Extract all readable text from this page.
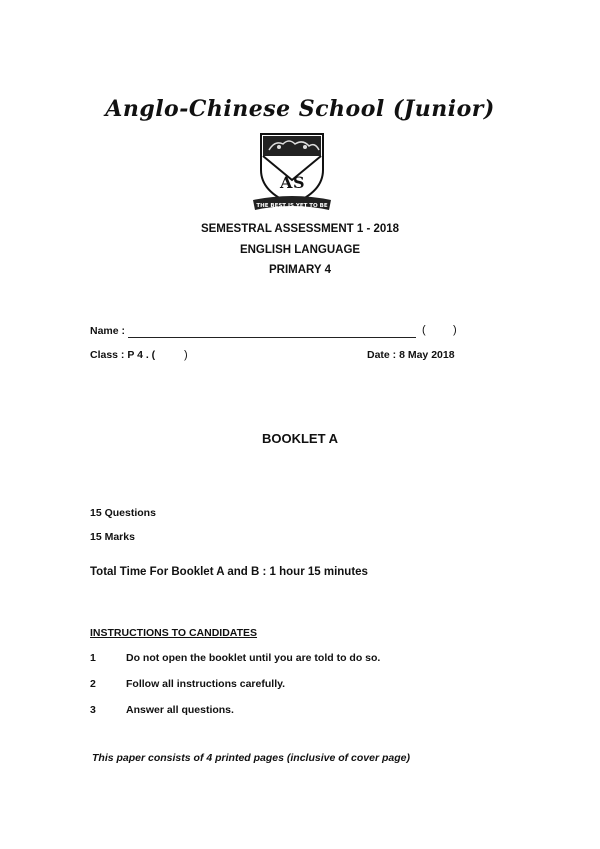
Anglo-Chinese School (Junior)
A S
THE BEST IS YET TO BE
SEMESTRAL ASSESSMENT 1 - 2018
ENGLISH LANGUAGE
PRIMARY 4
Name :	( )
Class : P 4 . (	)	Date : 8 May 2018
BOOKLET A
15 Questions
15 Marks
Total Time For Booklet A and B : 1 hour 15 minutes
INSTRUCTIONS TO CANDIDATES
1	Do not open the booklet until you are told to do so.
2	Follow all instructions carefully.
3	Answer all questions.
This paper consists of 4 printed pages (inclusive of cover page)
